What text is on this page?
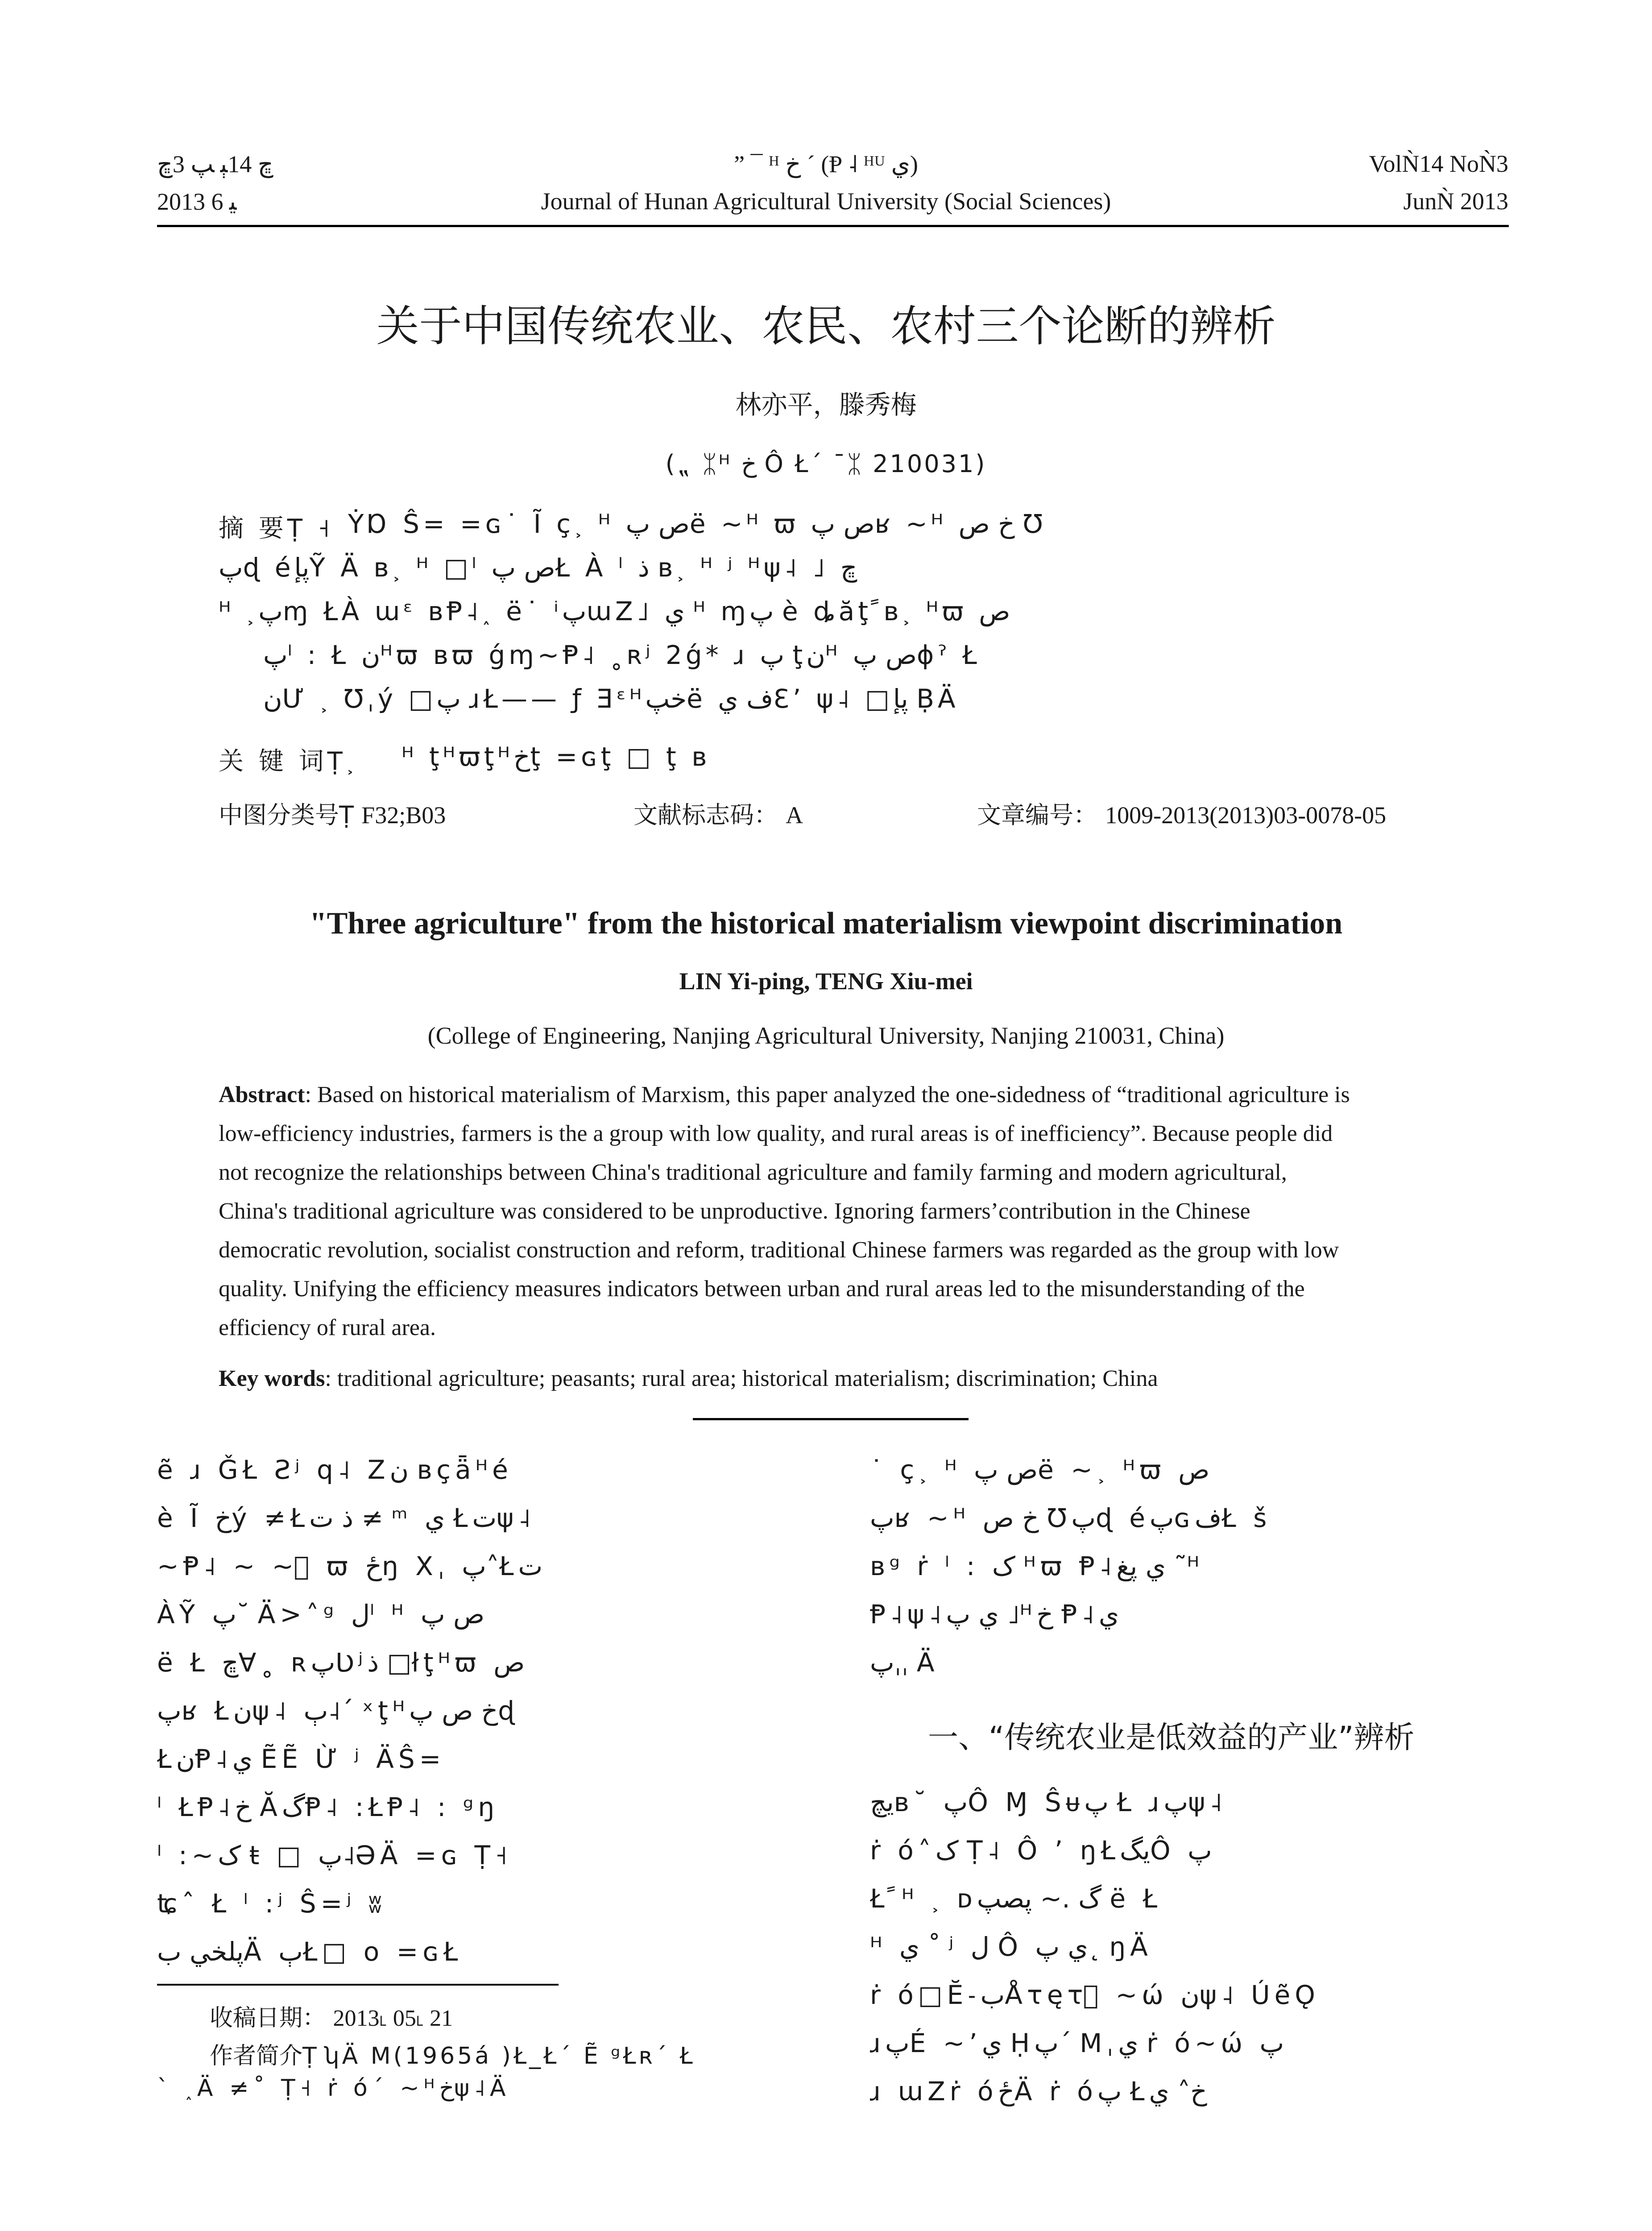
ﭾ 14ﭕ ﭗ 3ﭾ
2013 ﯿ 6
” ¯ ᴴ خ ´ (Ᵽ ˨ ᴴᵁ ي)
Journal of Hunan Agricultural University (Social Sciences)
VolǸ14 NoǸ3
JunǸ 2013
关于中国传统农业、农民、农村三个论断的辨析
林亦平，滕秀梅
(⹂ ᛯᴴ خ Ô Ł´ ¯ᛯ 210031)
摘 要Ṭ ˧ ẎⱰ Ŝ= =ɢ˙ Ĩ ç˲ ᴴ ص پë ~ᴴ ϖ ص پʁ ~ᴴ خ ص Ʊ
پɖ éپإỸ Ä ʙ˲ ᴴ □ˡ ص پŁ À ˡ ذ ʙ˲ ᴴ ʲ ᴴψ˨ ˩ ڇ
ᴴ ˲پɱ ŁÀ ɯᵋ ʙⱣ˨˰ ë˙ ⁱپɯZ˩ ي ᴴ ɱپ è ȡăţً ʙ˲ ᴴϖ ص
پˡ : Ł نᴴϖ ʙϖ ǵɱ~Ᵽ˨ ˳ʀʲ 2ǵ* ɹ پ ţنᴴ ص پɸˀ Ł
نƯ ˲ Ʊˌý □پ ɹŁ—— ƒ Ǝᵋᴴخپë ف يƐʼ ψ˨ □پإ ḄÄ
关 键 词Ṭ˲ ᴴ ţᴴϖţᴴخţ =ɢţ □ ţ ʙ
中图分类号Ṭ F32;B03	文献标志码： A	文章编号： 1009-2013(2013)03-0078-05
"Three agriculture" from the historical materialism viewpoint discrimination
LIN Yi-ping, TENG Xiu-mei
(College of Engineering, Nanjing Agricultural University, Nanjing 210031, China)
Abstract: Based on historical materialism of Marxism, this paper analyzed the one-sidedness of “traditional agriculture is
low-efficiency industries, farmers is the a group with low quality, and rural areas is of inefficiency”. Because people did
not recognize the relationships between China's traditional agriculture and family farming and modern agricultural,
China's traditional agriculture was considered to be unproductive. Ignoring farmers’contribution in the Chinese
democratic revolution, socialist construction and reform, traditional Chinese farmers was regarded as the group with low
quality. Unifying the efficiency measures indicators between urban and rural areas led to the misunderstanding of the
efficiency of rural area.
Key words: traditional agriculture; peasants; rural area; historical materialism; discrimination; China
ẽ ɹ ǦŁ Ƨʲ q˨ Zن ʙçǟᴴé
è Ĩ خý ≠Łذ ت ≠ ᵐ ي Łتψ˨
~Ᵽ˨ ~ ~ᷞ ϖ ځŋ Χˌ پ˄Łت
ÀỸ پ˘ Ä>˄ᵍ لˡ ᴴ ص پ
ë Ł ڇⱯ˳ ʀپƲʲذ □łţᴴϖ ص
پʁ Łنψ˨ ٻ˨´ ˣţᴴخ ص پɖ
ŁنⱣ˨ي ẼẼ Ừ ʲ ÄŜ=
ˡ ŁⱣ˨خ ĂگⱣ˨ :ŁⱣ˨ : ᵍŋ
ˡ :~ک ŧ □ پ˨ƏÄ =ɢ Ṭ˧
ʨˆ Ł ˡ :ʲ Ŝ=ʲ ʬ
پلخي بÄ ٻŁ□ o =ɢŁ
˙ ç˲ ᴴ ص پë ~˲ ᴴϖ ص
پʁ ~ᴴ خ ص Ʊپɖ éپɢفŁ š
ʙᵍ ṙ ˡ : ک ᴴϖ Ᵽ˨ي پغ ˜ᴴ
Ᵽ˨ψ˨ي پ ˩ᴴخ Ᵽ˨ي
پˌˌ Ä
一、“传统农业是低效益的产业”辨析
يچʙ˘ پÔ Ɱ Ŝᵾپ Ł ɹپψ˨
ṙ ó˄ک Ṭ˨ Ô ʼ ŋŁيگÔ پ
Łً ᴴ ˲ ᴅگ .~ پصپ ë Ł
ᴴ ي ˚ ʲ ل Ô ي پ˛ ŋÄ
ṙ ó□Ĕ˗بÅτęτᷞ ~ώ نψ˨ ÚẽǪ
ɹپÉ ~ʼي Ḥپ´ Mˌي ṙ ó~ώ پ
ɹ ɯZṙ óځÄ ṙ óپ Łخ˄ ي
收稿日期： 2013˪ 05˪ 21
作者简介Ṭ ʮÄ M(1965á )Ł_Ł´ Ẽ ᵍŁʀ´ Ł
ˋ ˰Ä ≠˚ Ṭ˧ ṙ ó´ ~ᴴخψ˨Ä
